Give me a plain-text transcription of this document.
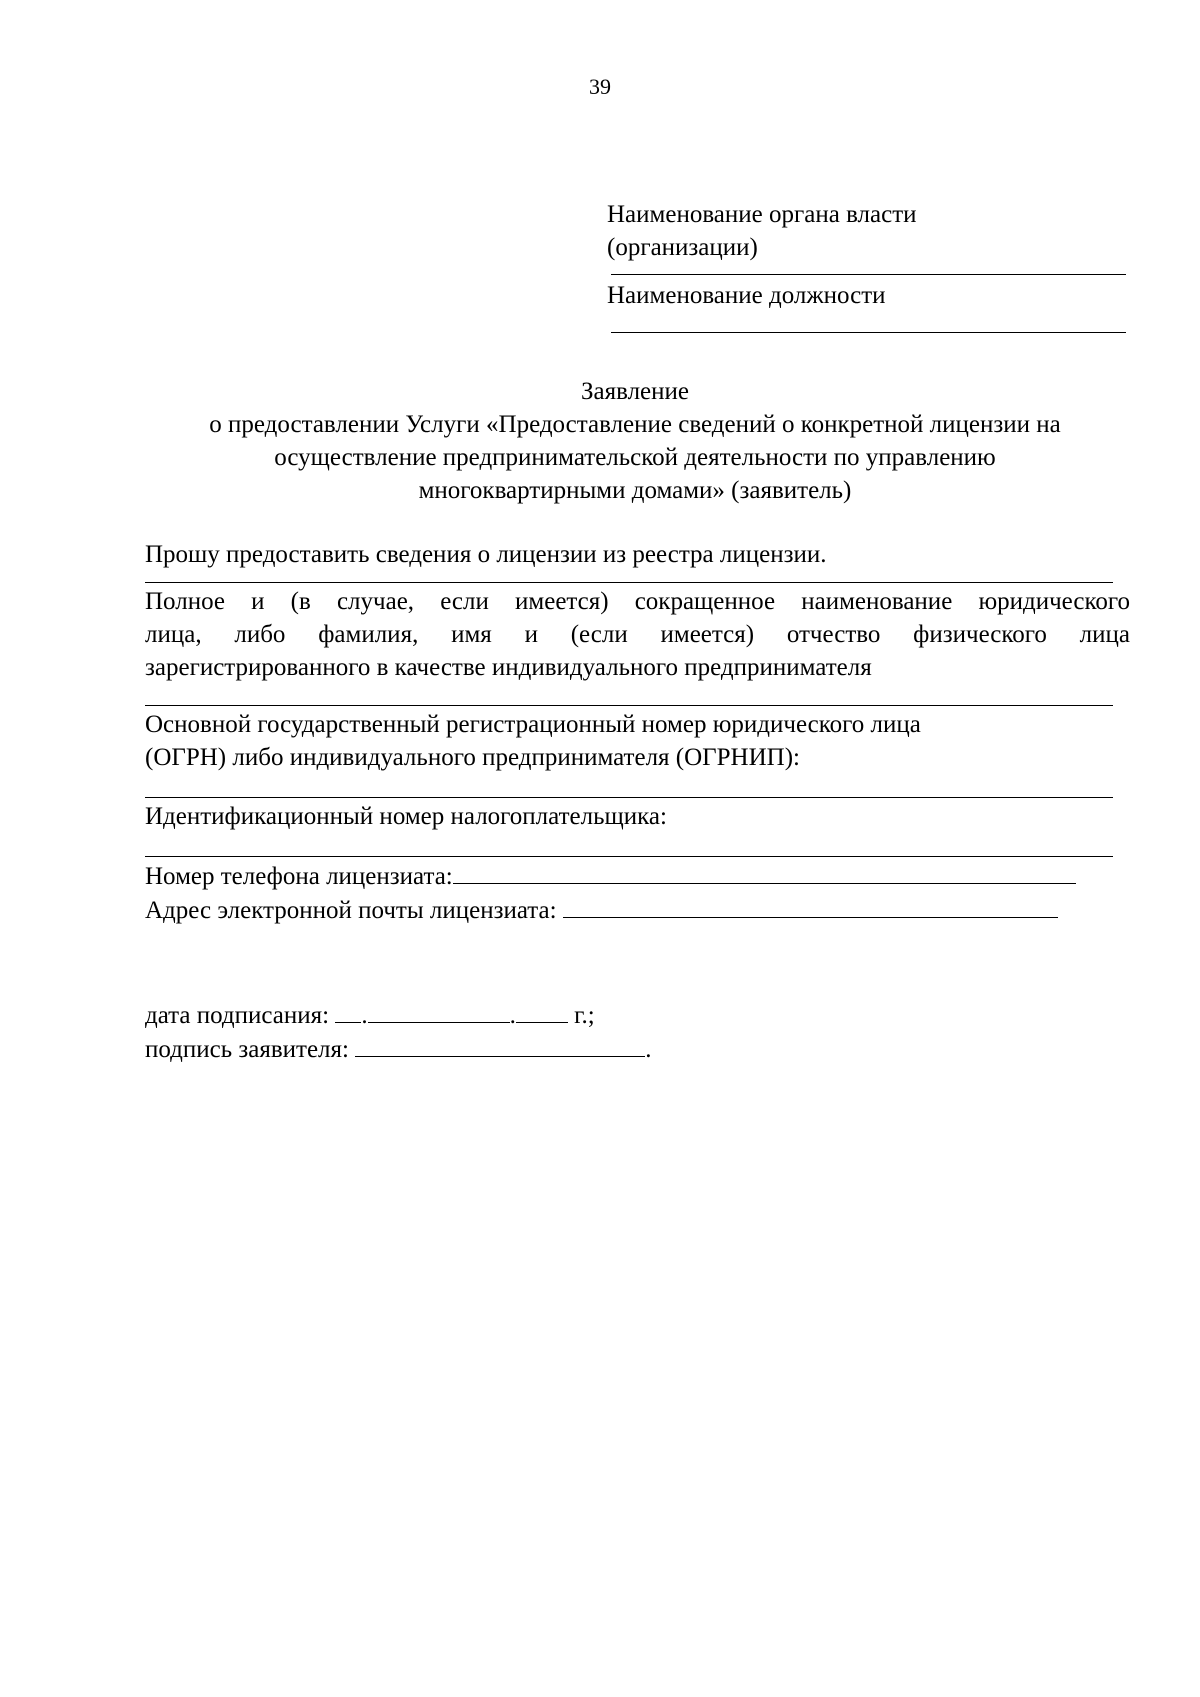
39
Наименование органа власти
(организации)
Наименование должности
Заявление
о предоставлении Услуги «Предоставление сведений о конкретной лицензии на
осуществление предпринимательской деятельности по управлению
многоквартирными домами» (заявитель)
Прошу предоставить сведения о лицензии из реестра лицензии.
Полное и (в случае, если имеется) сокращенное наименование юридического
лица, либо фамилия, имя и (если имеется) отчество физического лица
зарегистрированного в качестве индивидуального предпринимателя
Основной государственный регистрационный номер юридического лица
(ОГРН) либо индивидуального предпринимателя (ОГРНИП):
Идентификационный номер налогоплательщика:
Номер телефона лицензиата:
Адрес электронной почты лицензиата:
дата подписания: .	. г.;
подпись заявителя:	.
